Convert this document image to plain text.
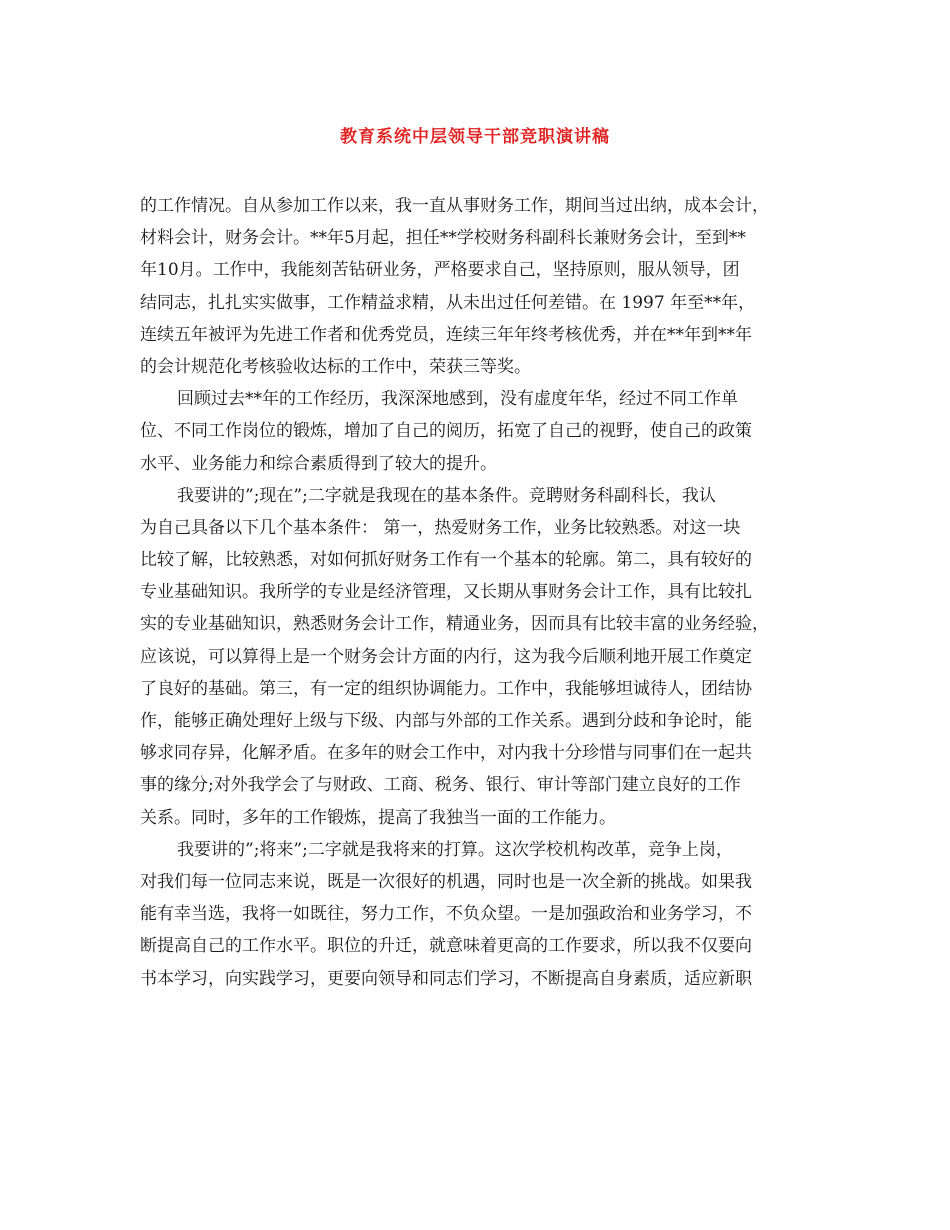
教育系统中层领导干部竞职演讲稿
的工作情况。自从参加工作以来，我一直从事财务工作，期间当过出纳，成本会计，
材料会计，财务会计。**年5月起，担任**学校财务科副科长兼财务会计，至到**
年10月。工作中，我能刻苦钻研业务，严格要求自己，坚持原则，服从领导，团
结同志，扎扎实实做事，工作精益求精，从未出过任何差错。在 1997 年至**年，
连续五年被评为先进工作者和优秀党员，连续三年年终考核优秀，并在**年到**年
的会计规范化考核验收达标的工作中，荣获三等奖。
回顾过去**年的工作经历，我深深地感到，没有虚度年华，经过不同工作单
位、不同工作岗位的锻炼，增加了自己的阅历，拓宽了自己的视野，使自己的政策
水平、业务能力和综合素质得到了较大的提升。
我要讲的”;现在”;二字就是我现在的基本条件。竞聘财务科副科长，我认
为自己具备以下几个基本条件： 第一，热爱财务工作，业务比较熟悉。对这一块
比较了解，比较熟悉，对如何抓好财务工作有一个基本的轮廓。第二，具有较好的
专业基础知识。我所学的专业是经济管理，又长期从事财务会计工作，具有比较扎
实的专业基础知识，熟悉财务会计工作，精通业务，因而具有比较丰富的业务经验，
应该说，可以算得上是一个财务会计方面的内行，这为我今后顺利地开展工作奠定
了良好的基础。第三，有一定的组织协调能力。工作中，我能够坦诚待人，团结协
作，能够正确处理好上级与下级、内部与外部的工作关系。遇到分歧和争论时，能
够求同存异，化解矛盾。在多年的财会工作中，对内我十分珍惜与同事们在一起共
事的缘分;对外我学会了与财政、工商、税务、银行、审计等部门建立良好的工作
关系。同时，多年的工作锻炼，提高了我独当一面的工作能力。
我要讲的”;将来”;二字就是我将来的打算。这次学校机构改革，竞争上岗，
对我们每一位同志来说，既是一次很好的机遇，同时也是一次全新的挑战。如果我
能有幸当选，我将一如既往，努力工作，不负众望。一是加强政治和业务学习，不
断提高自己的工作水平。职位的升迁，就意味着更高的工作要求，所以我不仅要向
书本学习，向实践学习，更要向领导和同志们学习，不断提高自身素质，适应新职
